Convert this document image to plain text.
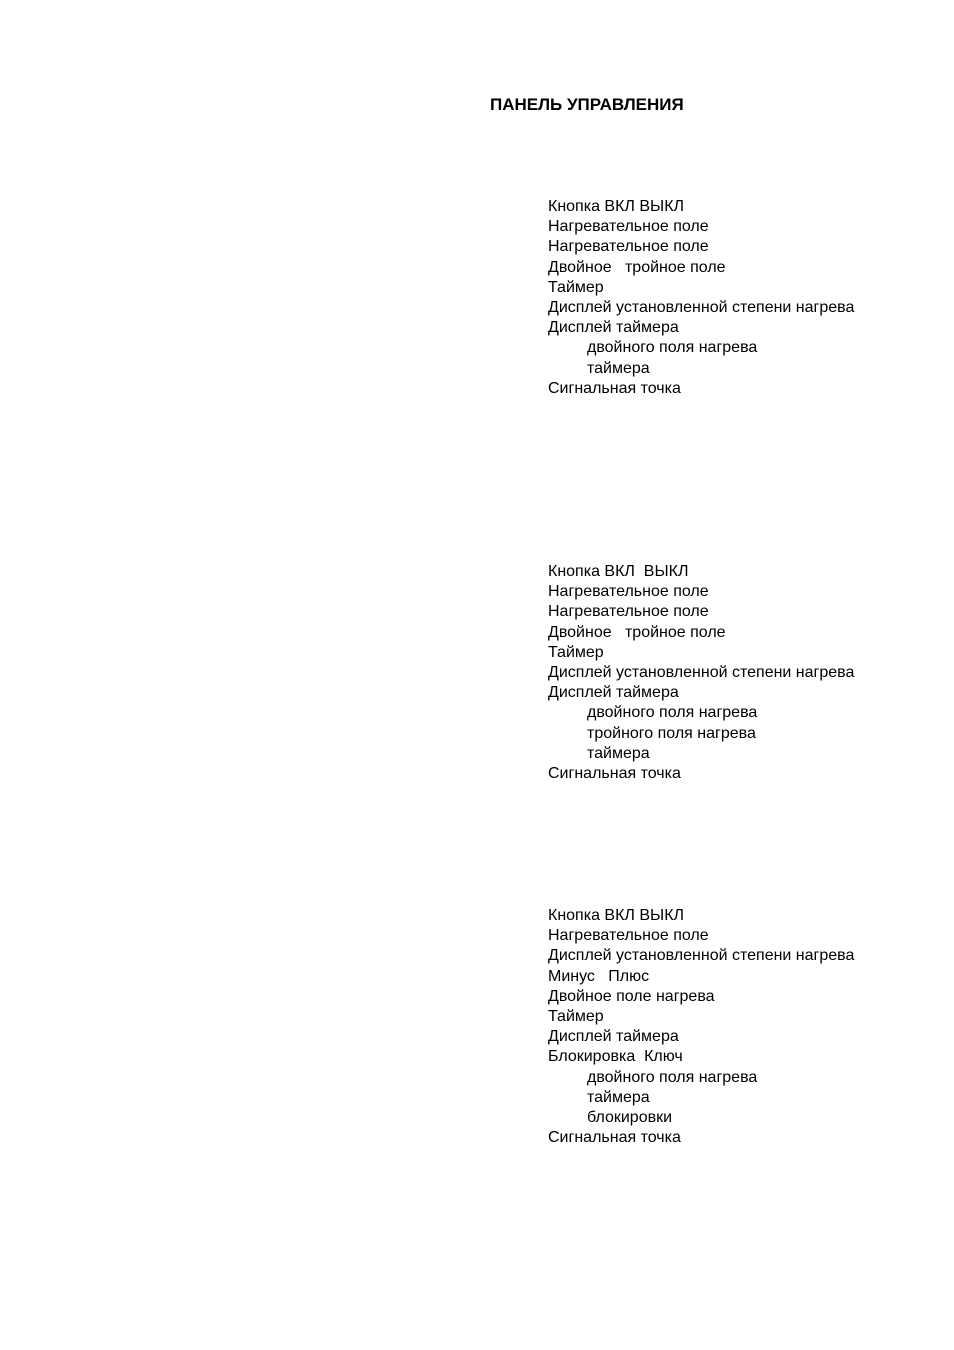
ПАНЕЛЬ УПРАВЛЕНИЯ
Кнопка ВКЛ ВЫКЛ
Нагревательное поле
Нагревательное поле
Двойное   тройное поле
Таймер
Дисплей установленной степени нагрева
Дисплей таймера
двойного поля нагрева
таймера
Сигнальная точка
Кнопка ВКЛ  ВЫКЛ
Нагревательное поле
Нагревательное поле
Двойное   тройное поле
Таймер
Дисплей установленной степени нагрева
Дисплей таймера
двойного поля нагрева
тройного поля нагрева
таймера
Сигнальная точка
Кнопка ВКЛ ВЫКЛ
Нагревательное поле
Дисплей установленной степени нагрева
Минус   Плюс
Двойное поле нагрева
Таймер
Дисплей таймера
Блокировка  Ключ
двойного поля нагрева
таймера
блокировки
Сигнальная точка
